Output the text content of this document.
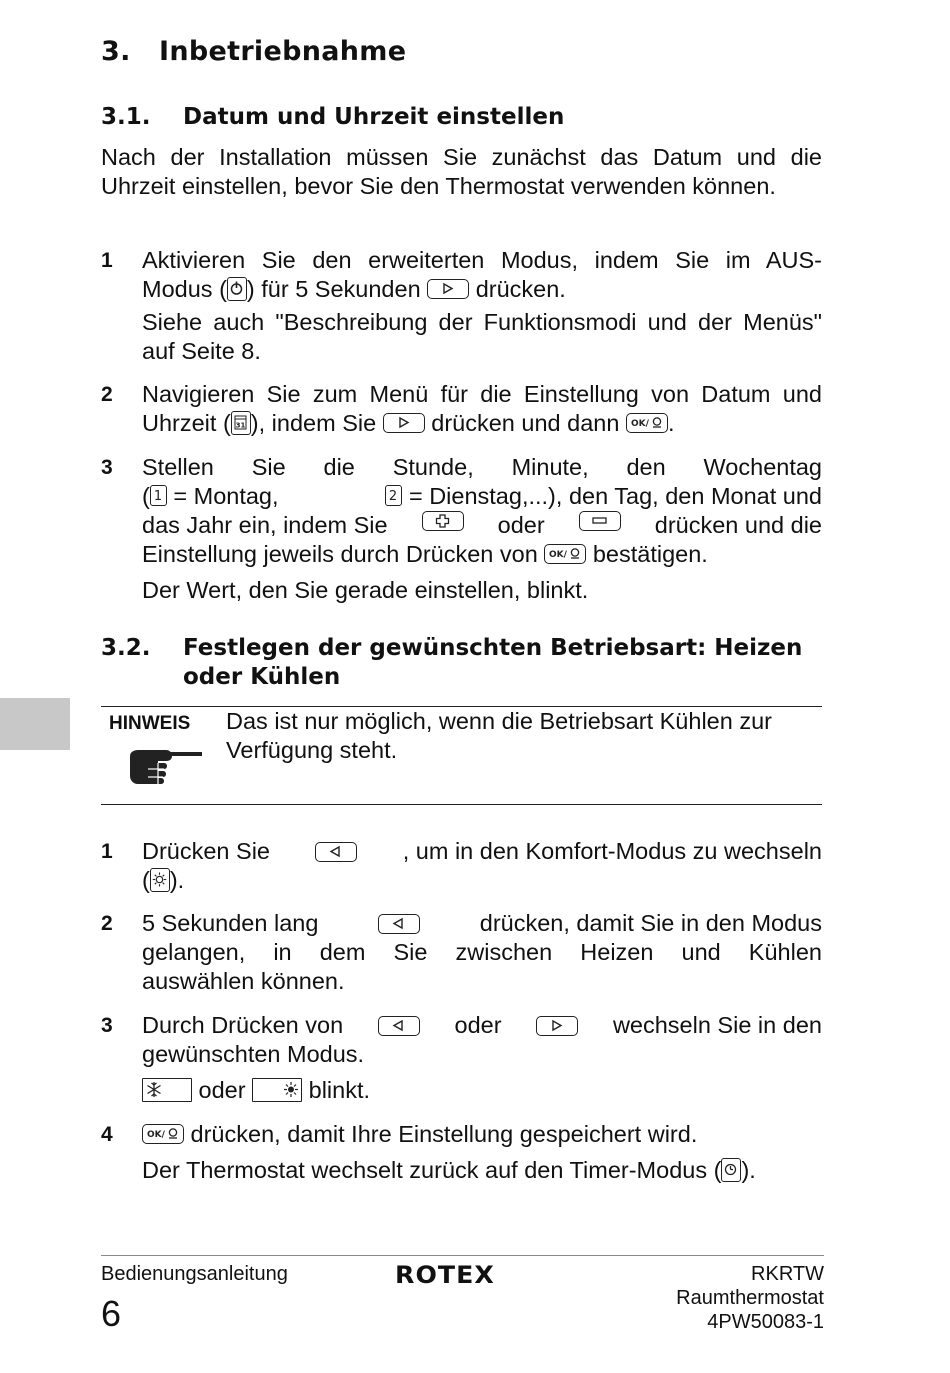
3. Inbetriebnahme
3.1. Datum und Uhrzeit einstellen
Nach der Installation müssen Sie zunächst das Datum und die Uhrzeit einstellen, bevor Sie den Thermostat verwenden können.
1 Aktivieren Sie den erweiterten Modus, indem Sie im AUS-
Modus ( ) für 5 Sekunden drücken.
Siehe auch "Beschreibung der Funktionsmodi und der Menüs" auf Seite 8.
2 Navigieren Sie zum Menü für die Einstellung von Datum und
Uhrzeit ( 31 ), indem Sie drücken und dann OK/ .
3 Stellen Sie die Stunde, Minute, den Wochentag
( 1 = Montag,	2 = Dienstag,...), den Tag, den Monat und
das Jahr ein, indem Sie	oder	drücken und die
Einstellung jeweils durch Drücken von OK/ bestätigen.
Der Wert, den Sie gerade einstellen, blinkt.
3.2. Festlegen der gewünschten Betriebsart: Heizen
oder Kühlen
HINWEIS Das ist nur möglich, wenn die Betriebsart Kühlen zur Verfügung steht.
1 Drücken Sie	, um in den Komfort-Modus zu wechseln
( ).
2 5 Sekunden lang	drücken, damit Sie in den Modus
gelangen, in dem Sie zwischen Heizen und Kühlen
auswählen können.
3 Durch Drücken von	oder	wechseln Sie in den
gewünschten Modus.
oder	blinkt.
4	OK/ drücken, damit Ihre Einstellung gespeichert wird.
Der Thermostat wechselt zurück auf den Timer-Modus ( ).
Bedienungsanleitung
6
ROTEX	RKRTW
Raumthermostat
4PW50083-1
